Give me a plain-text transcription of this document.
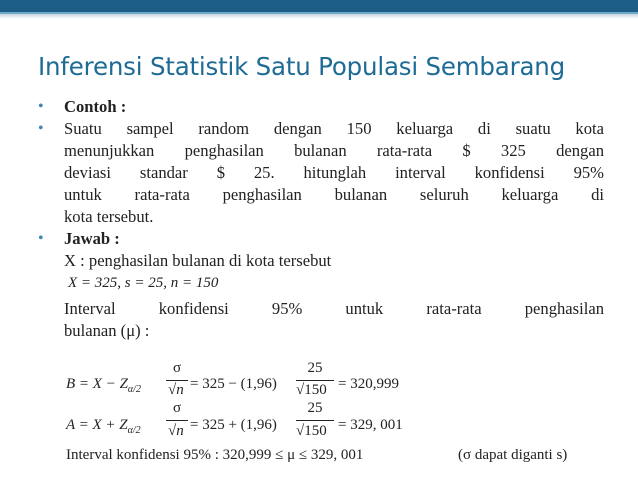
Inferensi Statistik Satu Populasi Sembarang
• Contoh :
• Suatu sampel random dengan 150 keluarga di suatu kota
menunjukkan penghasilan bulanan rata-rata $ 325 dengan
deviasi standar $ 25. hitunglah interval konfidensi 95%
untuk rata-rata penghasilan bulanan seluruh keluarga di
kota tersebut.
• Jawab :
X : penghasilan bulanan di kota tersebut
X = 325, s = 25, n = 150
Interval konfidensi 95% untuk rata-rata penghasilan
bulanan (μ) :
$B = X - Z_{\alpha/2}$
σ
√n = 325 − (1,96)
25
√150 = 320,999
$A = X + Z_{\alpha/2}$
σ
√n = 325 + (1,96)
25
√150 = 329, 001
Interval konfidensi 95% : 320,999 ≤ μ ≤ 329, 001	(σ dapat diganti s)
